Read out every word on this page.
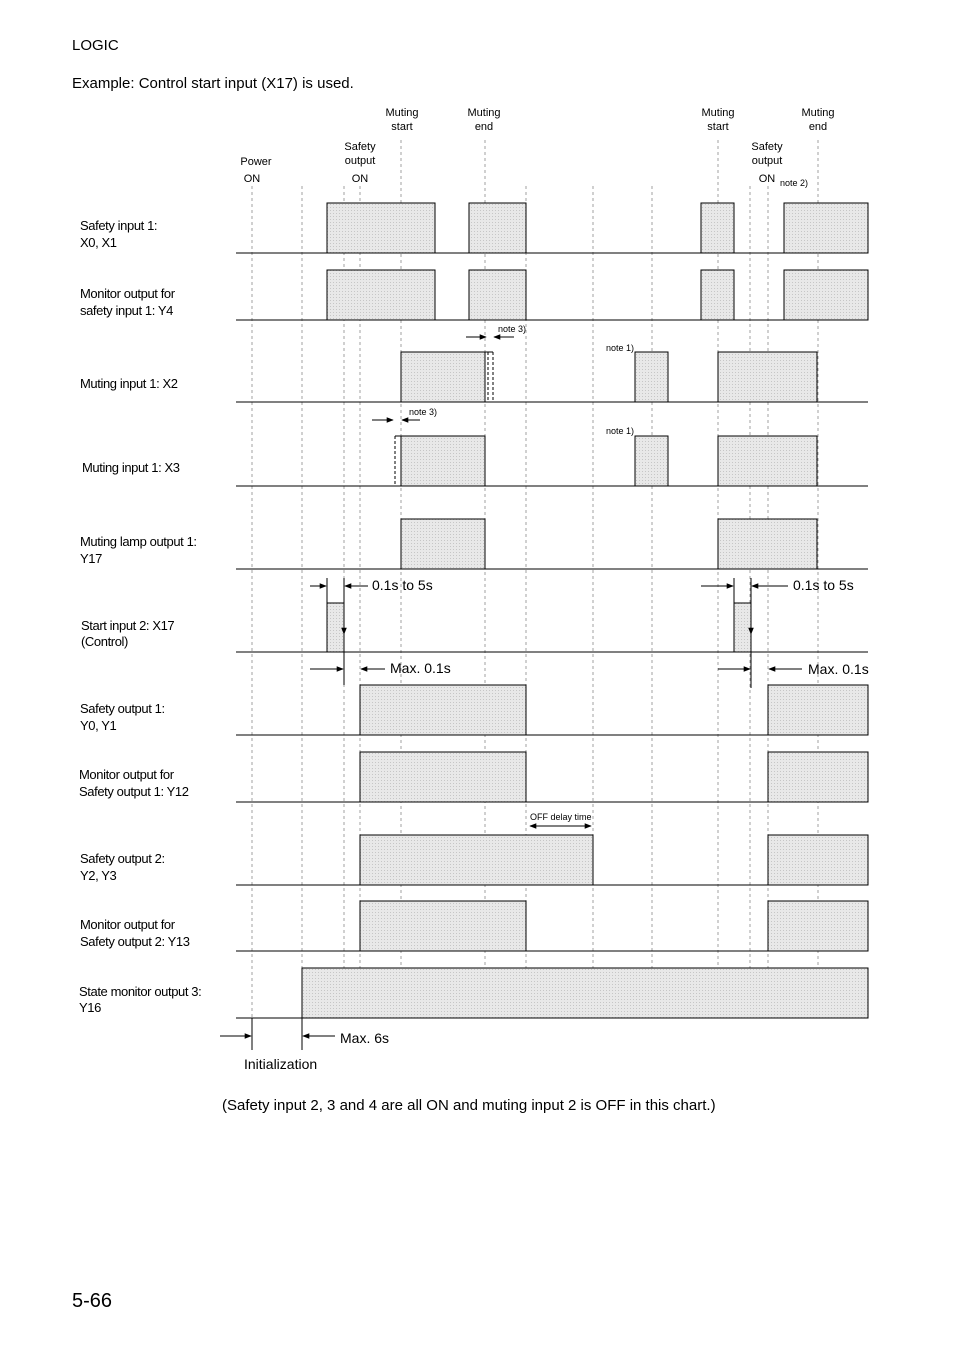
LOGIC
Example: Control start input (X17) is used.
Power
ON
Safety
output
ON
Muting
start
Muting
end
Muting
start
Safety
output
ON note 2)
Muting
end
Safety input 1:
X0, X1
Monitor output for
safety input 1: Y4
Muting input 1: X2
Muting input 1: X3
Muting lamp output 1:
Y17
Start input 2: X17
(Control)
Safety output 1:
Y0, Y1
Monitor output for
Safety output 1: Y12
Safety output 2:
Y2, Y3
Monitor output for
Safety output 2: Y13
State monitor output 3:
Y16
note 3)
note 3)
note 1)
note 1)
0.1s to 5s	0.1s to 5s
Max. 0.1s	Max. 0.1s
OFF delay time
Max. 6s
Initialization
(Safety input 2, 3 and 4 are all ON and muting input 2 is OFF in this chart.)
5-66
